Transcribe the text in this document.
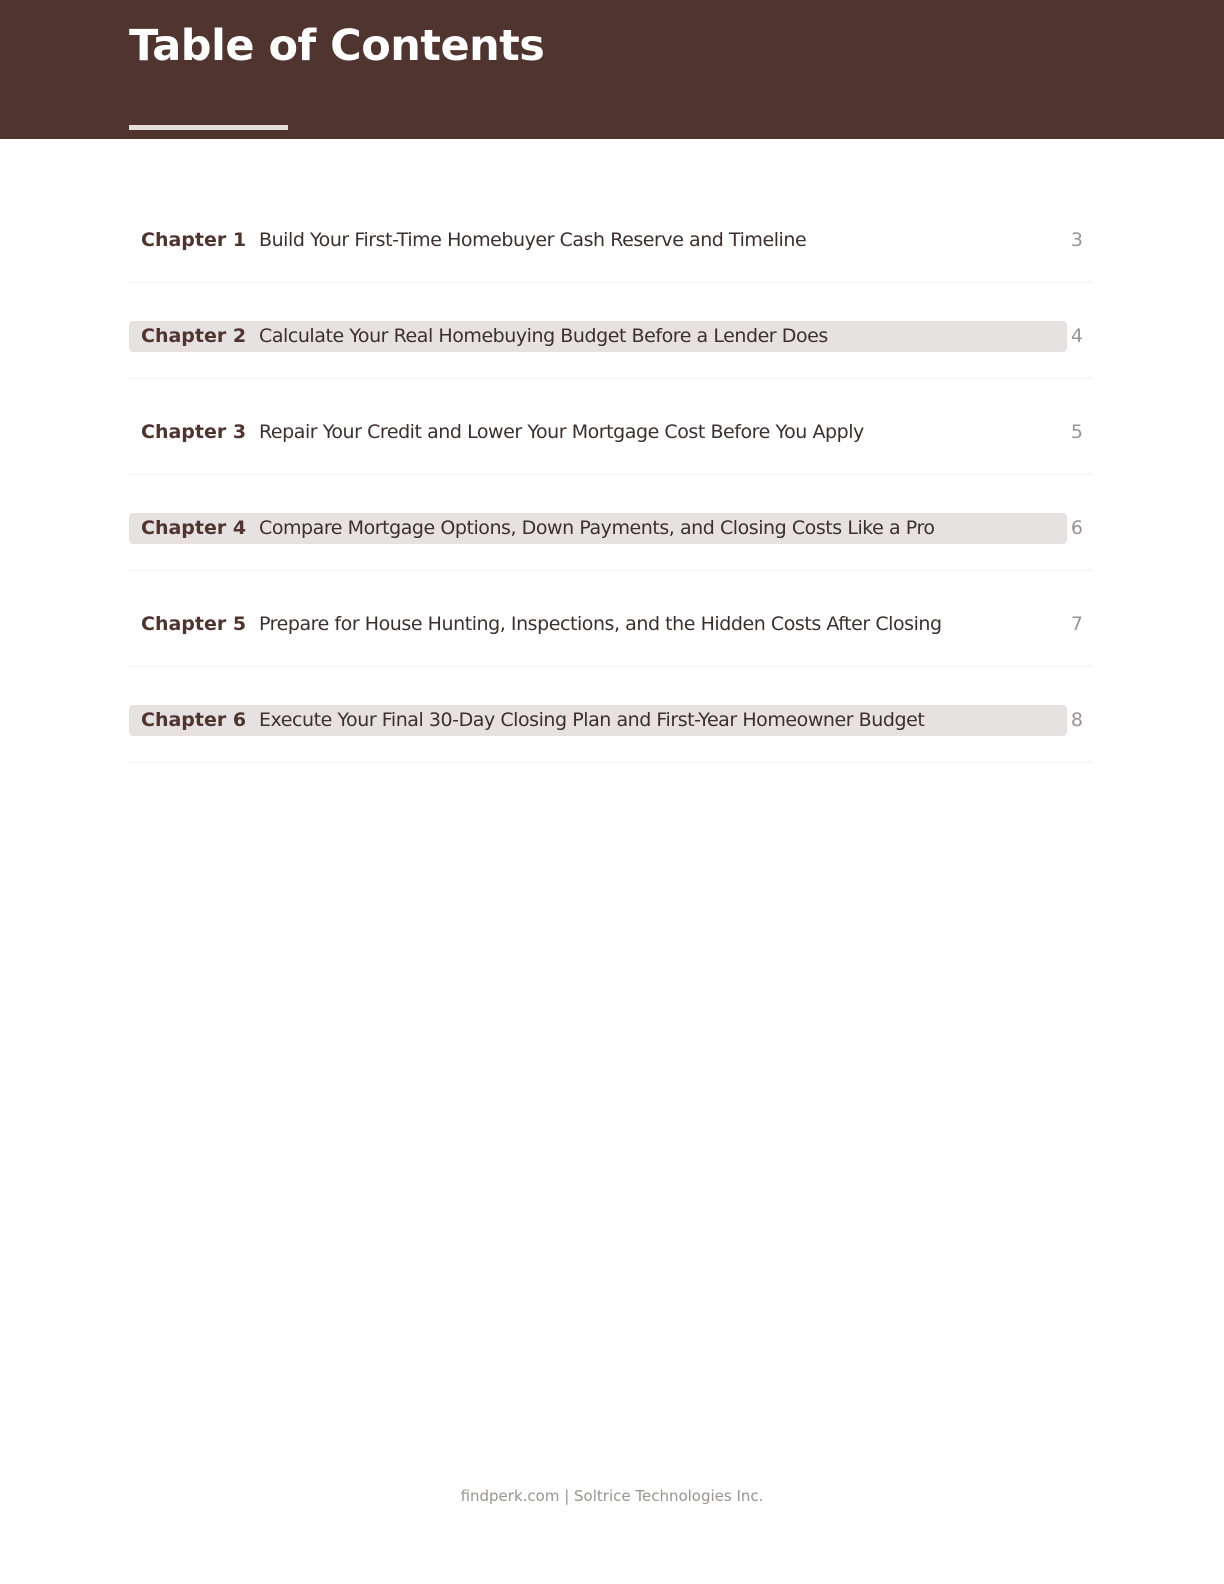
Table of Contents
Chapter 1 Build Your First-Time Homebuyer Cash Reserve and Timeline	3
Chapter 2 Calculate Your Real Homebuying Budget Before a Lender Does	4
Chapter 3 Repair Your Credit and Lower Your Mortgage Cost Before You Apply	5
Chapter 4 Compare Mortgage Options, Down Payments, and Closing Costs Like a Pro	6
Chapter 5 Prepare for House Hunting, Inspections, and the Hidden Costs After Closing	7
Chapter 6 Execute Your Final 30-Day Closing Plan and First-Year Homeowner Budget	8
findperk.com | Soltrice Technologies Inc.
